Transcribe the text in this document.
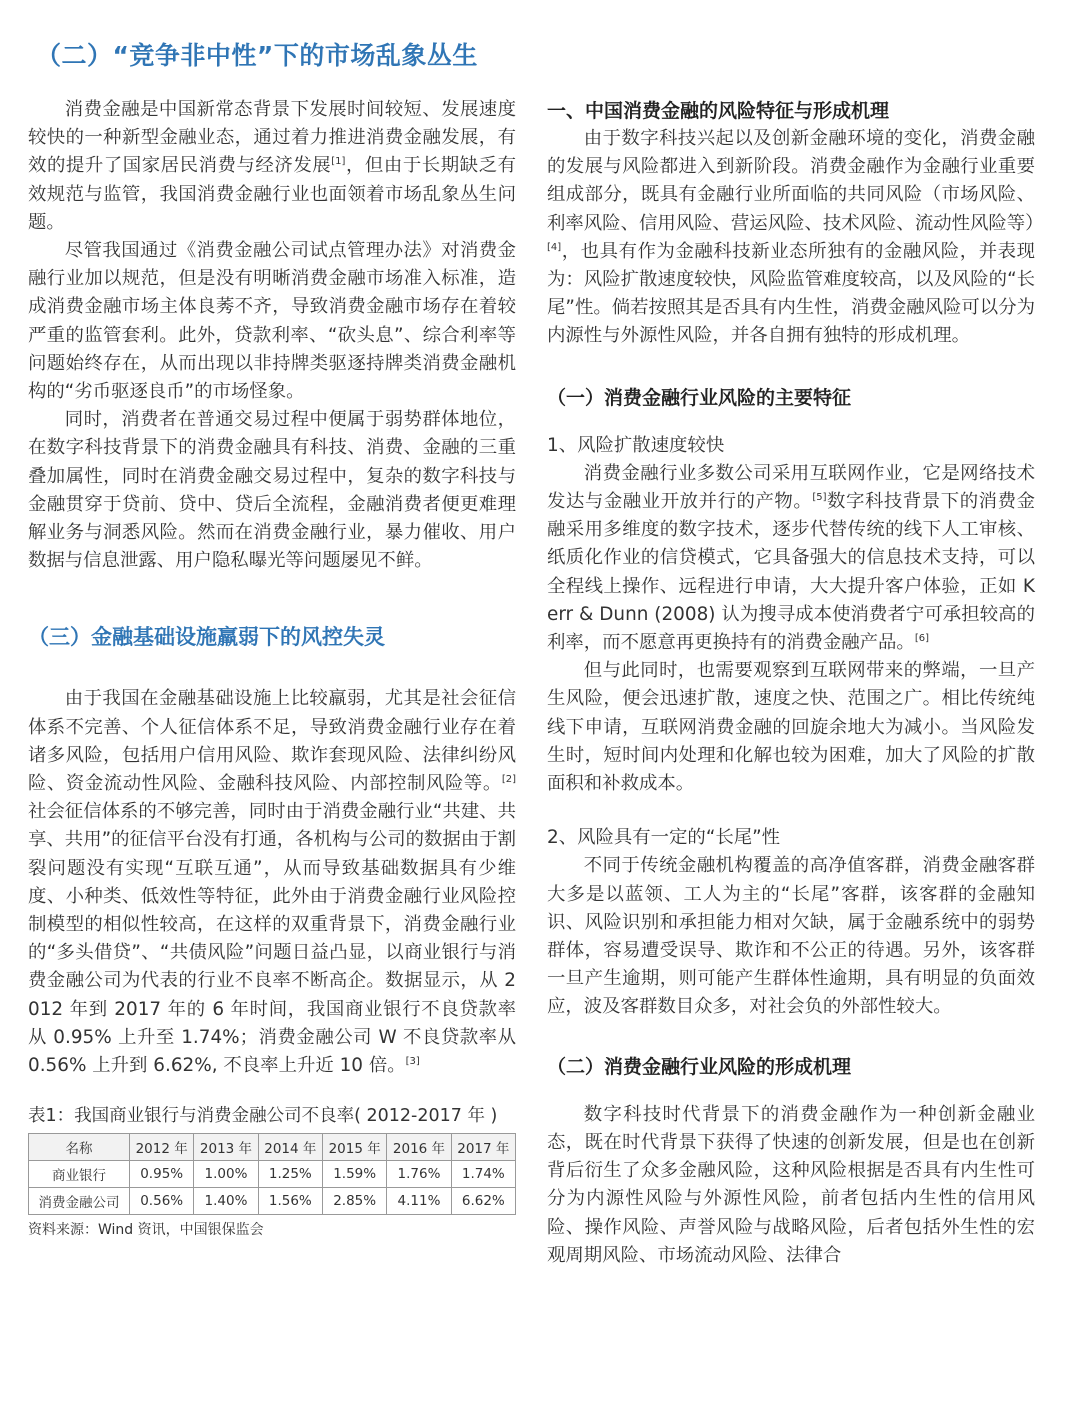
（二）“竞争非中性”下的市场乱象丛生

消费金融是中国新常态背景下发展时间较短、发展速度较快的一种新型金融业态，通过着力推进消费金融发展，有效的提升了国家居民消费与经济发展[1]，但由于长期缺乏有效规范与监管，我国消费金融行业也面领着市场乱象丛生问题。

尽管我国通过《消费金融公司试点管理办法》对消费金融行业加以规范，但是没有明晰消费金融市场准入标准，造成消费金融市场主体良莠不齐，导致消费金融市场存在着较严重的监管套利。此外，贷款利率、“砍头息”、综合利率等问题始终存在，从而出现以非持牌类驱逐持牌类消费金融机构的“劣币驱逐良币”的市场怪象。

同时，消费者在普通交易过程中便属于弱势群体地位，在数字科技背景下的消费金融具有科技、消费、金融的三重叠加属性，同时在消费金融交易过程中，复杂的数字科技与金融贯穿于贷前、贷中、贷后全流程，金融消费者便更难理解业务与洞悉风险。然而在消费金融行业，暴力催收、用户数据与信息泄露、用户隐私曝光等问题屡见不鲜。

（三）金融基础设施羸弱下的风控失灵

由于我国在金融基础设施上比较羸弱，尤其是社会征信体系不完善、个人征信体系不足，导致消费金融行业存在着诸多风险，包括用户信用风险、欺诈套现风险、法律纠纷风险、资金流动性风险、金融科技风险、内部控制风险等。[2]社会征信体系的不够完善，同时由于消费金融行业“共建、共享、共用”的征信平台没有打通，各机构与公司的数据由于割裂问题没有实现“互联互通”，从而导致基础数据具有少维度、小种类、低效性等特征，此外由于消费金融行业风险控制模型的相似性较高，在这样的双重背景下，消费金融行业的“多头借贷”、“共债风险”问题日益凸显，以商业银行与消费金融公司为代表的行业不良率不断高企。数据显示，从 2012 年到 2017 年的 6 年时间，我国商业银行不良贷款率从 0.95% 上升至 1.74%；消费金融公司 W 不良贷款率从 0.56% 上升到 6.62%, 不良率上升近 10 倍。[3]

表1：我国商业银行与消费金融公司不良率( 2012-2017 年 )

名称	2012 年	2013 年	2014 年	2015 年	2016 年	2017 年
商业银行	0.95%	1.00%	1.25%	1.59%	1.76%	1.74%
消费金融公司	0.56%	1.40%	1.56%	2.85%	4.11%	6.62%
资料来源：Wind 资讯，中国银保监会
一、中国消费金融的风险特征与形成机理

由于数字科技兴起以及创新金融环境的变化，消费金融的发展与风险都进入到新阶段。消费金融作为金融行业重要组成部分，既具有金融行业所面临的共同风险（市场风险、利率风险、信用风险、营运风险、技术风险、流动性风险等）[4]，也具有作为金融科技新业态所独有的金融风险，并表现为：风险扩散速度较快，风险监管难度较高，以及风险的“长尾”性。倘若按照其是否具有内生性，消费金融风险可以分为内源性与外源性风险，并各自拥有独特的形成机理。

（一）消费金融行业风险的主要特征

1、风险扩散速度较快

消费金融行业多数公司采用互联网作业，它是网络技术发达与金融业开放并行的产物。[5]数字科技背景下的消费金融采用多维度的数字技术，逐步代替传统的线下人工审核、纸质化作业的信贷模式，它具备强大的信息技术支持，可以全程线上操作、远程进行申请，大大提升客户体验，正如 Kerr & Dunn (2008) 认为搜寻成本使消费者宁可承担较高的利率，而不愿意再更换持有的消费金融产品。[6]

但与此同时，也需要观察到互联网带来的弊端，一旦产生风险，便会迅速扩散，速度之快、范围之广。相比传统纯线下申请，互联网消费金融的回旋余地大为减小。当风险发生时，短时间内处理和化解也较为困难，加大了风险的扩散面积和补救成本。

2、风险具有一定的“长尾”性

不同于传统金融机构覆盖的高净值客群，消费金融客群大多是以蓝领、工人为主的“长尾”客群，该客群的金融知识、风险识别和承担能力相对欠缺，属于金融系统中的弱势群体，容易遭受误导、欺诈和不公正的待遇。另外，该客群一旦产生逾期，则可能产生群体性逾期，具有明显的负面效应，波及客群数目众多，对社会负的外部性较大。

（二）消费金融行业风险的形成机理

数字科技时代背景下的消费金融作为一种创新金融业态，既在时代背景下获得了快速的创新发展，但是也在创新背后衍生了众多金融风险，这种风险根据是否具有内生性可分为内源性风险与外源性风险，前者包括内生性的信用风险、操作风险、声誉风险与战略风险，后者包括外生性的宏观周期风险、市场流动风险、法律合
